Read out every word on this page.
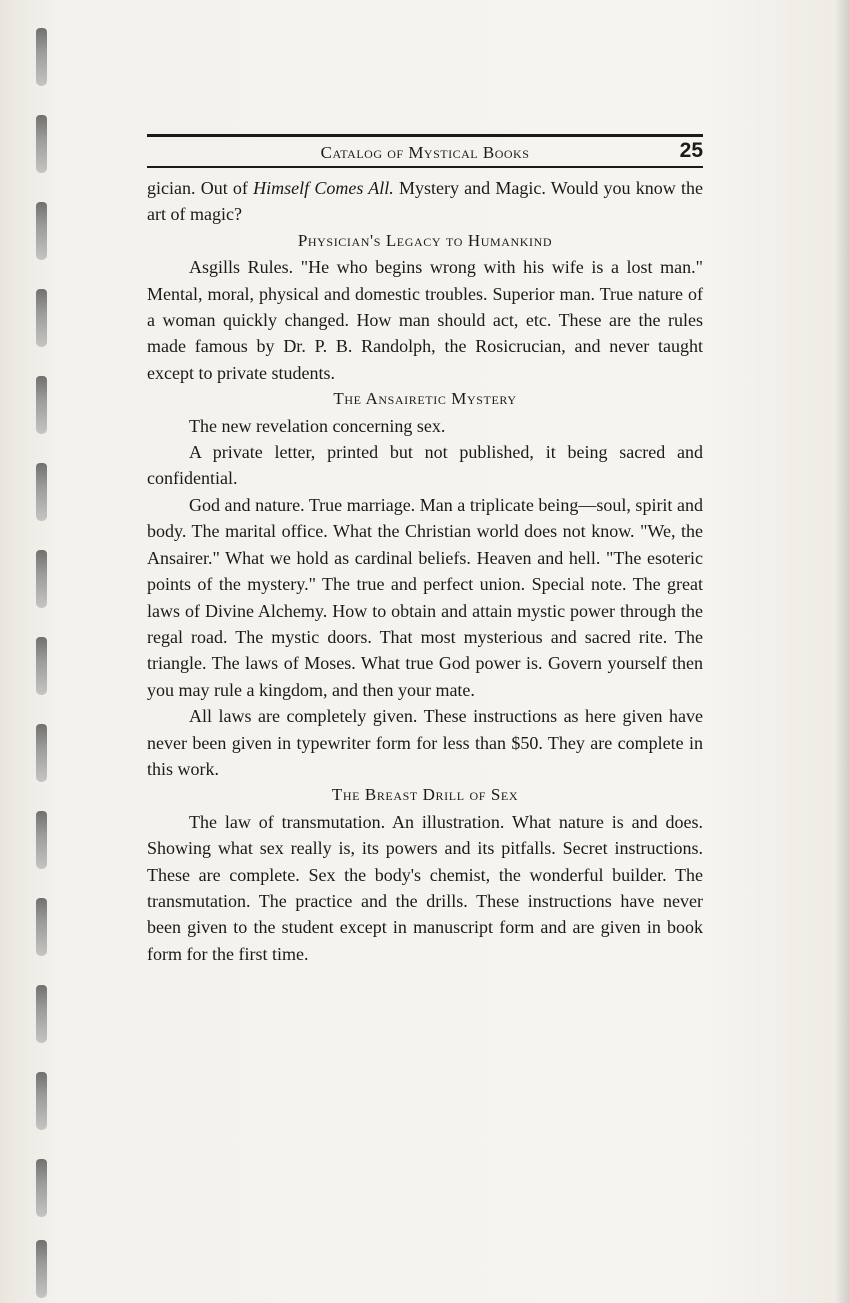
Catalog of Mystical Books	25

gician. Out of Himself Comes All. Mystery and Magic. Would you know the art of magic?

Physician's Legacy to Humankind

Asgills Rules. "He who begins wrong with his wife is a lost man." Mental, moral, physical and domestic troubles. Superior man. True nature of a woman quickly changed. How man should act, etc. These are the rules made famous by Dr. P. B. Randolph, the Rosicrucian, and never taught except to private students.

The Ansairetic Mystery

The new revelation concerning sex.

A private letter, printed but not published, it being sacred and confidential.

God and nature. True marriage. Man a triplicate being—soul, spirit and body. The marital office. What the Christian world does not know. "We, the Ansairer." What we hold as cardinal beliefs. Heaven and hell. "The esoteric points of the mystery." The true and perfect union. Special note. The great laws of Divine Alchemy. How to obtain and attain mystic power through the regal road. The mystic doors. That most mysterious and sacred rite. The triangle. The laws of Moses. What true God power is. Govern yourself then you may rule a kingdom, and then your mate.

All laws are completely given. These instructions as here given have never been given in typewriter form for less than $50. They are complete in this work.

The Breast Drill of Sex

The law of transmutation. An illustration. What nature is and does. Showing what sex really is, its powers and its pitfalls. Secret instructions. These are complete. Sex the body's chemist, the wonderful builder. The transmutation. The practice and the drills. These instructions have never been given to the student except in manuscript form and are given in book form for the first time.
